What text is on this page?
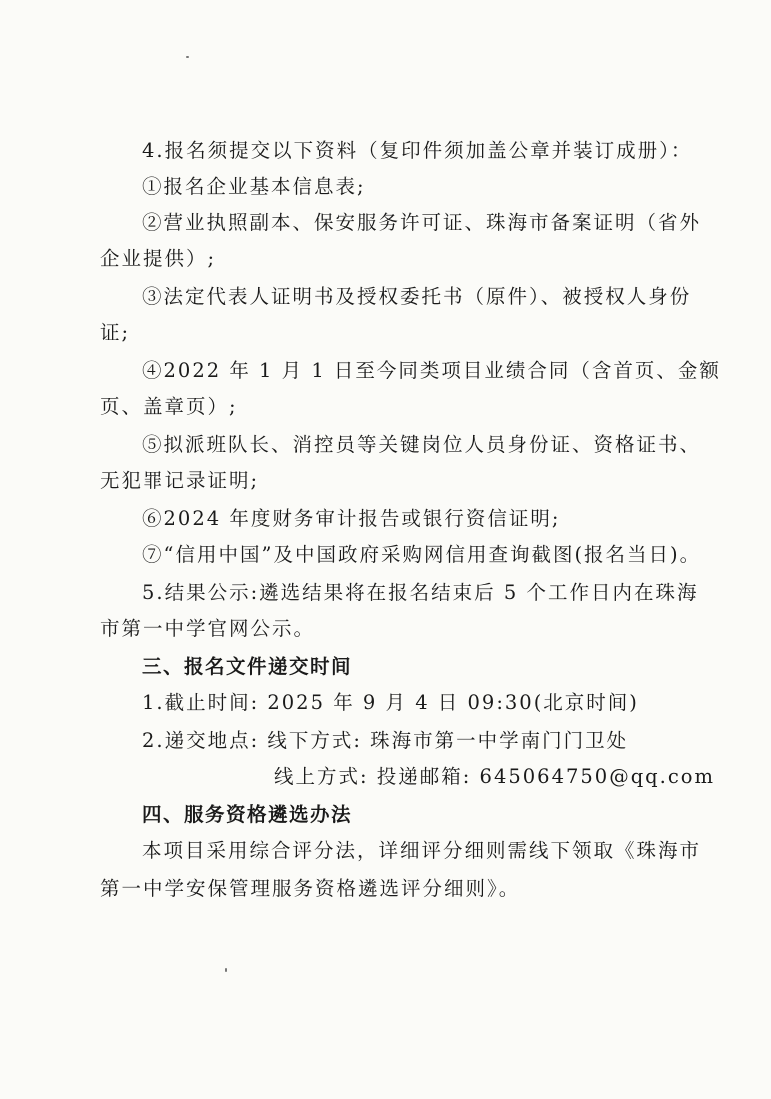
4.报名须提交以下资料（复印件须加盖公章并装订成册）：
①报名企业基本信息表;
②营业执照副本、保安服务许可证、珠海市备案证明（省外
企业提供）;
③法定代表人证明书及授权委托书（原件）、被授权人身份
证;
④2022 年 1 月 1 日至今同类项目业绩合同（含首页、金额
页、盖章页）;
⑤拟派班队长、消控员等关键岗位人员身份证、资格证书、
无犯罪记录证明;
⑥2024 年度财务审计报告或银行资信证明;
⑦“信用中国”及中国政府采购网信用查询截图(报名当日)。
5.结果公示:遴选结果将在报名结束后 5 个工作日内在珠海
市第一中学官网公示。
三、报名文件递交时间
1.截止时间: 2025 年 9 月 4 日 09:30(北京时间)
2.递交地点: 线下方式: 珠海市第一中学南门门卫处
线上方式: 投递邮箱: 645064750@qq.com
四、服务资格遴选办法
本项目采用综合评分法，详细评分细则需线下领取《珠海市
第一中学安保管理服务资格遴选评分细则》。
